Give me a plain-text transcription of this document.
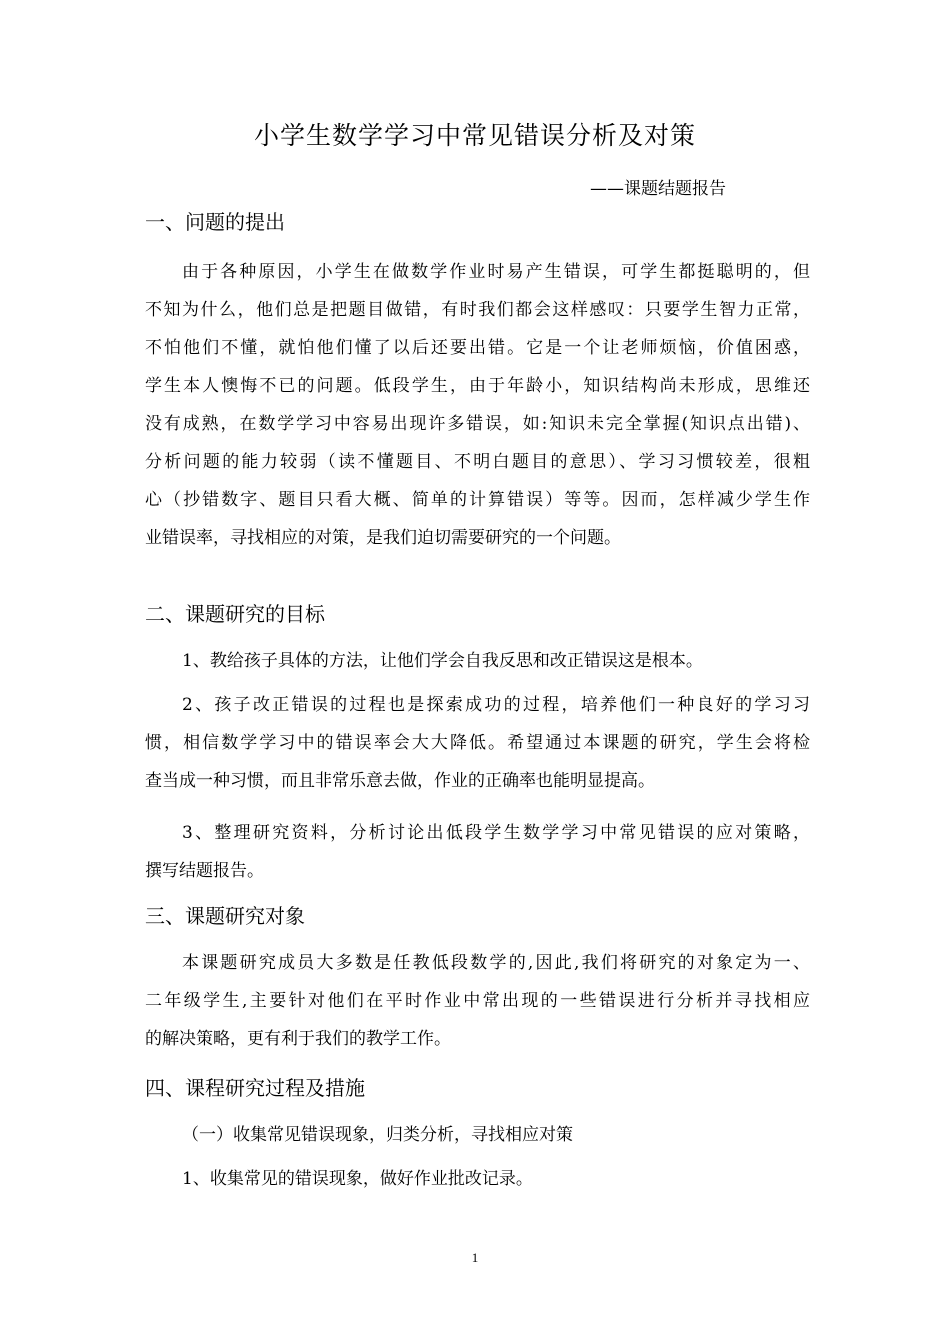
小学生数学学习中常见错误分析及对策
——课题结题报告
一、问题的提出
由于各种原因，小学生在做数学作业时易产生错误，可学生都挺聪明的，但
不知为什么，他们总是把题目做错，有时我们都会这样感叹：只要学生智力正常，
不怕他们不懂，就怕他们懂了以后还要出错。它是一个让老师烦恼，价值困惑，
学生本人懊悔不已的问题。低段学生，由于年龄小，知识结构尚未形成，思维还
没有成熟，在数学学习中容易出现许多错误，如:知识未完全掌握(知识点出错)、
分析问题的能力较弱（读不懂题目、不明白题目的意思）、学习习惯较差，很粗
心（抄错数字、题目只看大概、简单的计算错误）等等。因而，怎样减少学生作
业错误率，寻找相应的对策，是我们迫切需要研究的一个问题。
二、课题研究的目标
1、教给孩子具体的方法，让他们学会自我反思和改正错误这是根本。
2、孩子改正错误的过程也是探索成功的过程，培养他们一种良好的学习习
惯，相信数学学习中的错误率会大大降低。希望通过本课题的研究，学生会将检
查当成一种习惯，而且非常乐意去做，作业的正确率也能明显提高。
3、整理研究资料，分析讨论出低段学生数学学习中常见错误的应对策略，
撰写结题报告。
三、课题研究对象
本课题研究成员大多数是任教低段数学的,因此,我们将研究的对象定为一、
二年级学生,主要针对他们在平时作业中常出现的一些错误进行分析并寻找相应
的解决策略，更有利于我们的教学工作。
四、课程研究过程及措施
（一）收集常见错误现象，归类分析，寻找相应对策
1、收集常见的错误现象，做好作业批改记录。
1
